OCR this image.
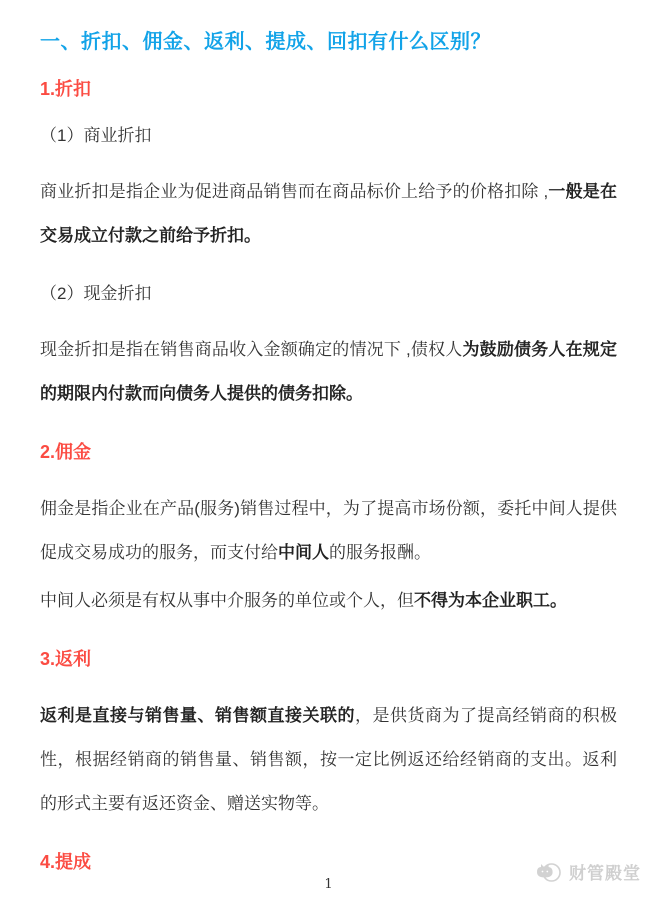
一、折扣、佣金、返利、提成、回扣有什么区别？
1.折扣

（1）商业折扣

商业折扣是指企业为促进商品销售而在商品标价上给予的价格扣除 ,一般是在交易成立付款之前给予折扣。

（2）现金折扣

现金折扣是指在销售商品收入金额确定的情况下 ,债权人为鼓励债务人在规定的期限内付款而向债务人提供的债务扣除。

2.佣金

佣金是指企业在产品(服务)销售过程中，为了提高市场份额，委托中间人提供促成交易成功的服务，而支付给中间人的服务报酬。

中间人必须是有权从事中介服务的单位或个人，但不得为本企业职工。

3.返利

返利是直接与销售量、销售额直接关联的，是供货商为了提高经销商的积极性，根据经销商的销售量、销售额，按一定比例返还给经销商的支出。返利的形式主要有返还资金、赠送实物等。

4.提成
财管殿堂
1
